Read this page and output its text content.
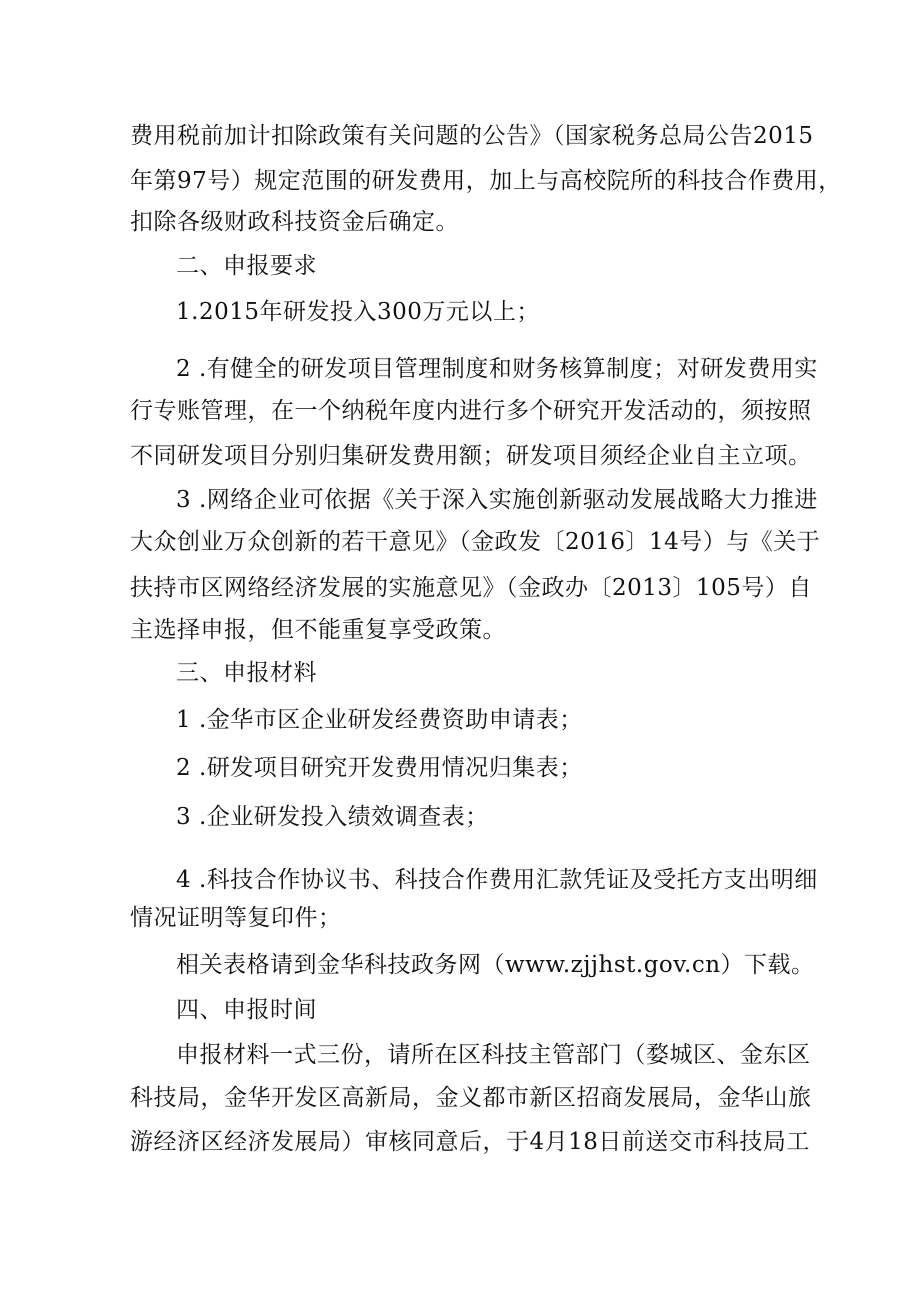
费用税前加计扣除政策有关问题的公告》（国家税务总局公告2015
年第97号）规定范围的研发费用，加上与高校院所的科技合作费用，
扣除各级财政科技资金后确定。
二、申报要求
1.2015年研发投入300万元以上；
2 .有健全的研发项目管理制度和财务核算制度；对研发费用实
行专账管理，在一个纳税年度内进行多个研究开发活动的，须按照
不同研发项目分别归集研发费用额；研发项目须经企业自主立项。
3 .网络企业可依据《关于深入实施创新驱动发展战略大力推进
大众创业万众创新的若干意见》（金政发〔2016〕14号）与《关于
扶持市区网络经济发展的实施意见》（金政办〔2013〕105号）自
主选择申报，但不能重复享受政策。
三、申报材料
1 .金华市区企业研发经费资助申请表；
2 .研发项目研究开发费用情况归集表；
3 .企业研发投入绩效调查表；
4 .科技合作协议书、科技合作费用汇款凭证及受托方支出明细
情况证明等复印件；
相关表格请到金华科技政务网（www.zjjhst.gov.cn）下载。
四、申报时间
申报材料一式三份，请所在区科技主管部门（婺城区、金东区
科技局，金华开发区高新局，金义都市新区招商发展局，金华山旅
游经济区经济发展局）审核同意后，于4月18日前送交市科技局工
